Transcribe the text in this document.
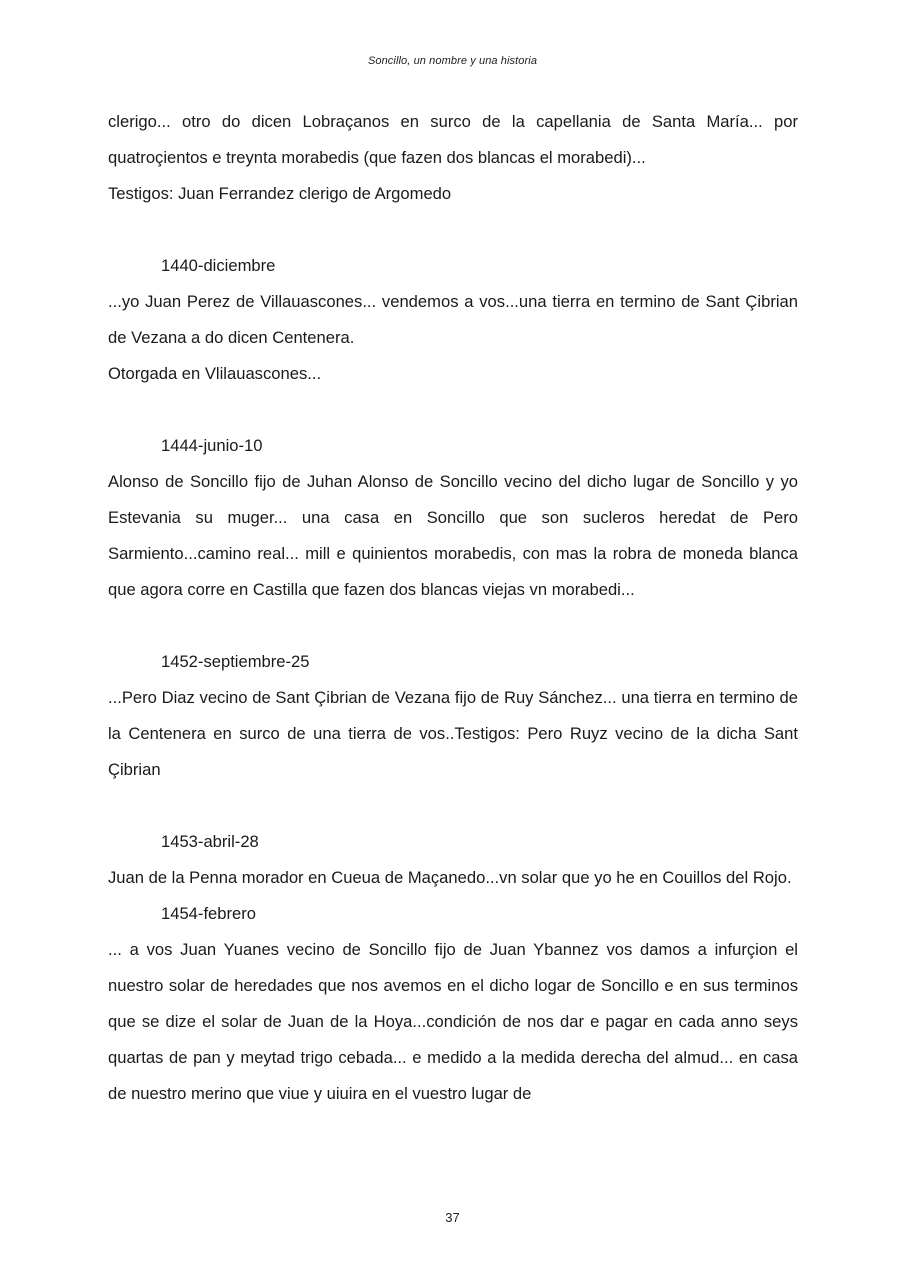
Soncillo, un nombre y una historia

clerigo... otro do dicen Lobraçanos en surco de la capellania de Santa María... por quatroçientos e treynta morabedis (que fazen dos blancas el morabedi)...

Testigos: Juan Ferrandez clerigo de Argomedo

1440-diciembre

...yo Juan Perez de Villauascones... vendemos a vos...una tierra en termino de Sant Çibrian de Vezana a do dicen Centenera.

Otorgada en Vlilauascones...

1444-junio-10

Alonso de Soncillo fijo de Juhan Alonso de Soncillo vecino del dicho lugar de Soncillo y yo Estevania su muger... una casa en Soncillo que son sucleros heredat de Pero Sarmiento...camino real... mill e quinientos morabedis, con mas la robra de moneda blanca que agora corre en Castilla que fazen dos blancas viejas vn morabedi...

1452-septiembre-25

...Pero Diaz vecino de Sant Çibrian de Vezana fijo de Ruy Sánchez... una tierra en termino de la Centenera en surco de una tierra de vos..Testigos: Pero Ruyz vecino de la dicha Sant Çibrian

1453-abril-28

Juan de la Penna morador en Cueua de Maçanedo...vn solar que yo he en Couillos del Rojo.

1454-febrero

... a vos Juan Yuanes vecino de Soncillo fijo de Juan Ybannez vos damos a infurçion el nuestro solar de heredades que nos avemos en el dicho logar de Soncillo e en sus terminos que se dize el solar de Juan de la Hoya...condición de nos dar e pagar en cada anno seys quartas de pan y meytad trigo cebada... e medido a la medida derecha del almud... en casa de nuestro merino que viue y uiuira en el vuestro lugar de

37
